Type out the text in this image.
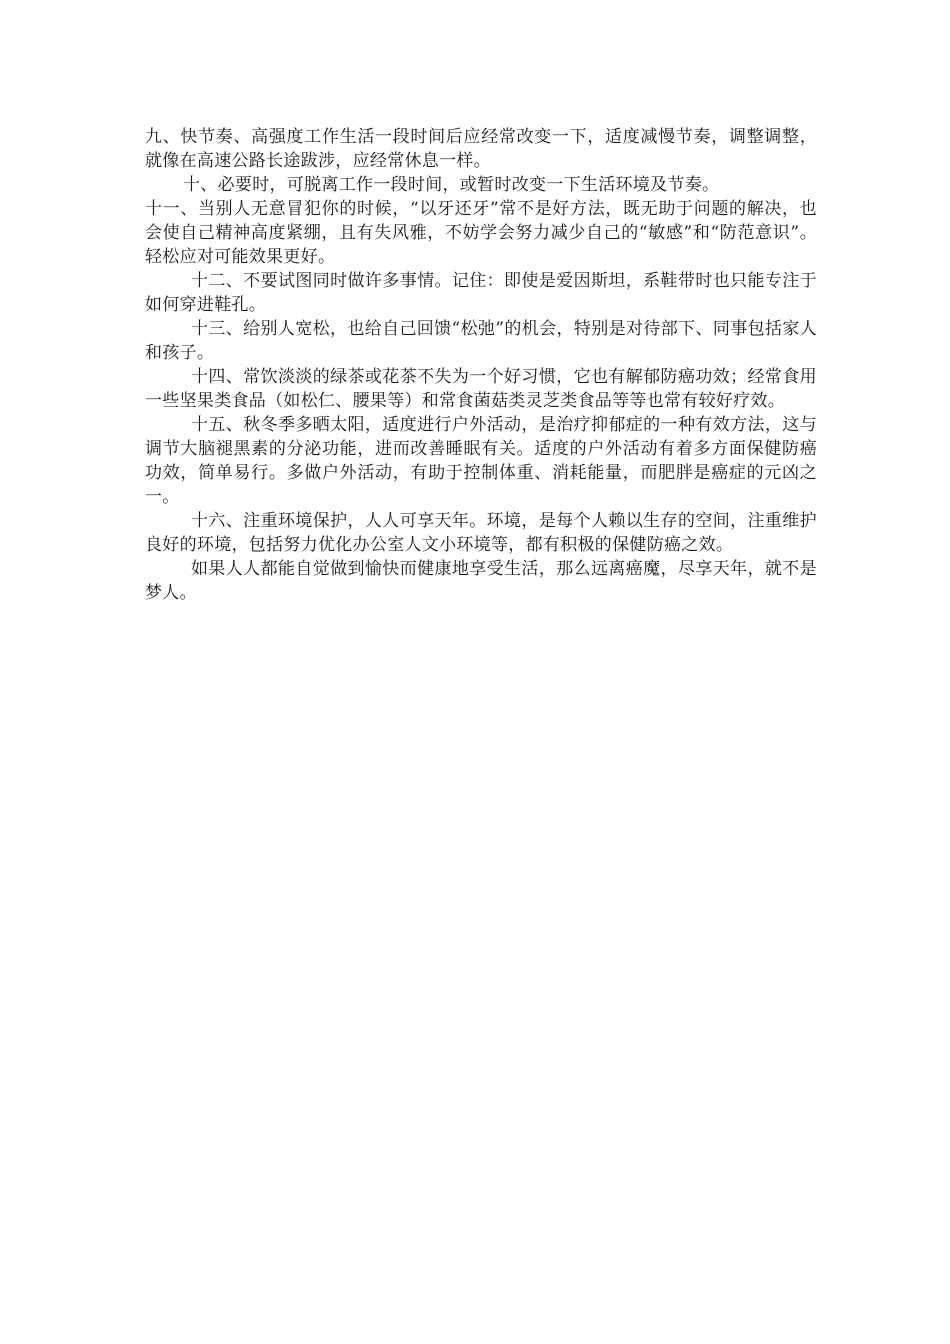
九、快节奏、高强度工作生活一段时间后应经常改变一下，适度减慢节奏，调整调整，就像在高速公路长途跋涉，应经常休息一样。

十、必要时，可脱离工作一段时间，或暂时改变一下生活环境及节奏。

十一、当别人无意冒犯你的时候，“以牙还牙”常不是好方法，既无助于问题的解决，也会使自己精神高度紧绷，且有失风雅，不妨学会努力减少自己的“敏感”和“防范意识”。轻松应对可能效果更好。

十二、不要试图同时做许多事情。记住：即使是爱因斯坦，系鞋带时也只能专注于如何穿进鞋孔。

十三、给别人宽松，也给自己回馈“松弛”的机会，特别是对待部下、同事包括家人和孩子。

十四、常饮淡淡的绿茶或花茶不失为一个好习惯，它也有解郁防癌功效；经常食用一些坚果类食品（如松仁、腰果等）和常食菌菇类灵芝类食品等等也常有较好疗效。

十五、秋冬季多晒太阳，适度进行户外活动，是治疗抑郁症的一种有效方法，这与调节大脑褪黑素的分泌功能，进而改善睡眠有关。适度的户外活动有着多方面保健防癌功效，简单易行。多做户外活动，有助于控制体重、消耗能量，而肥胖是癌症的元凶之一。

十六、注重环境保护，人人可享天年。环境，是每个人赖以生存的空间，注重维护良好的环境，包括努力优化办公室人文小环境等，都有积极的保健防癌之效。

如果人人都能自觉做到愉快而健康地享受生活，那么远离癌魔，尽享天年，就不是梦人。
